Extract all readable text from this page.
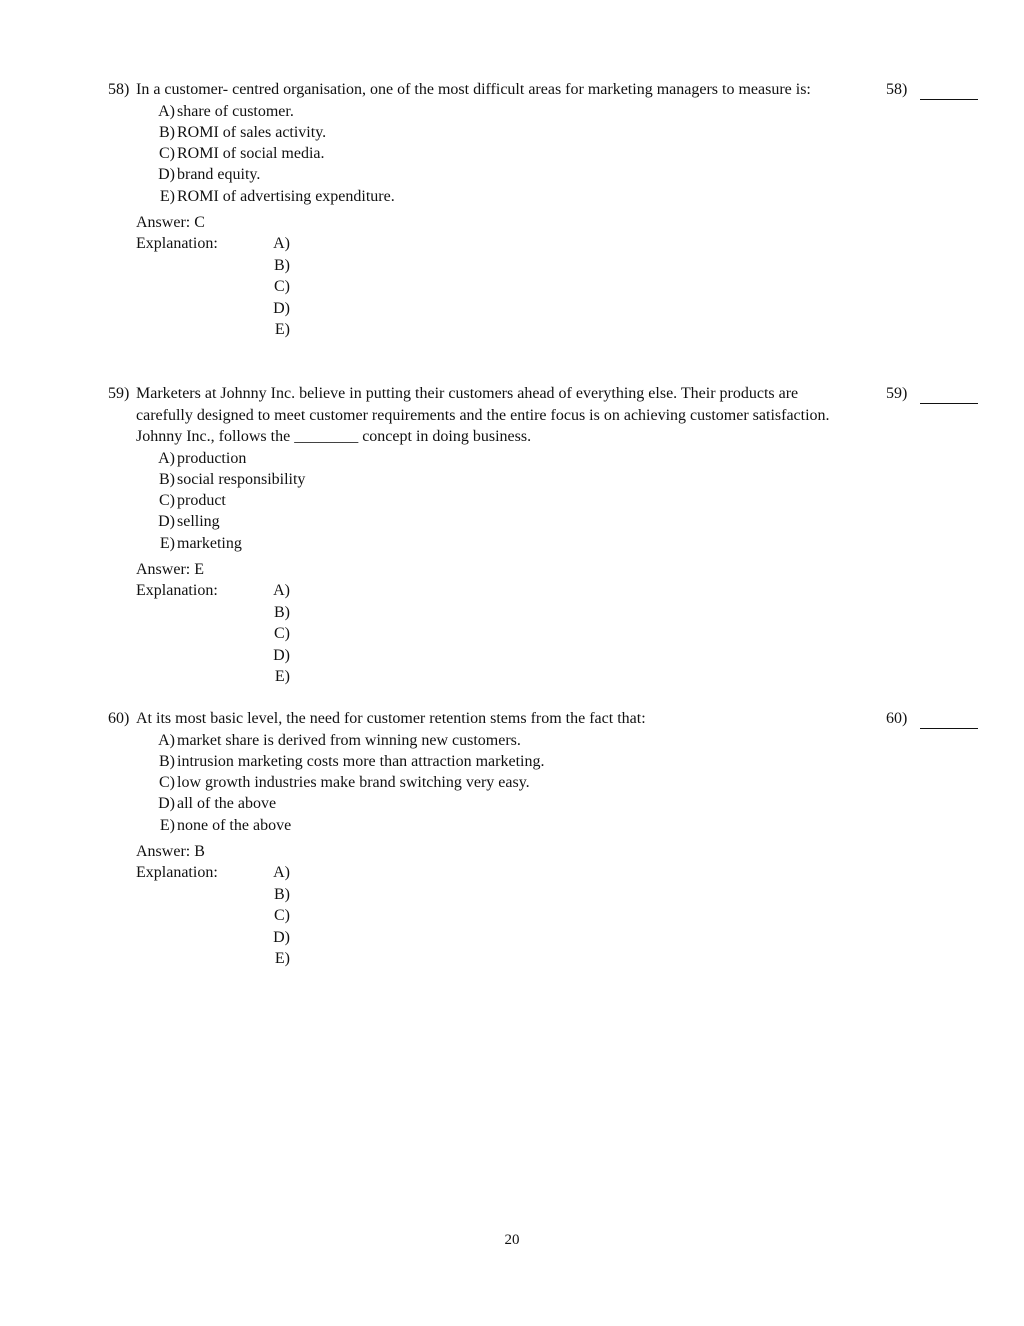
58) In a customer- centred organisation, one of the most difficult areas for marketing managers to measure is:	58)
A) share of customer.
B) ROMI of sales activity.
C) ROMI of social media.
D) brand equity.
E) ROMI of advertising expenditure.
Answer: C
Explanation:	A)
B)
C)
D)
E)
59) Marketers at Johnny Inc. believe in putting their customers ahead of everything else. Their products are carefully designed to meet customer requirements and the entire focus is on achieving customer satisfaction. Johnny Inc., follows the ________ concept in doing business.
59)
A) production
B) social responsibility
C) product
D) selling
E) marketing
Answer: E
Explanation:	A)
B)
C)
D)
E)
60) At its most basic level, the need for customer retention stems from the fact that:	60)
A) market share is derived from winning new customers.
B) intrusion marketing costs more than attraction marketing.
C) low growth industries make brand switching very easy.
D) all of the above
E) none of the above
Answer: B
Explanation:	A)
B)
C)
D)
E)
20
